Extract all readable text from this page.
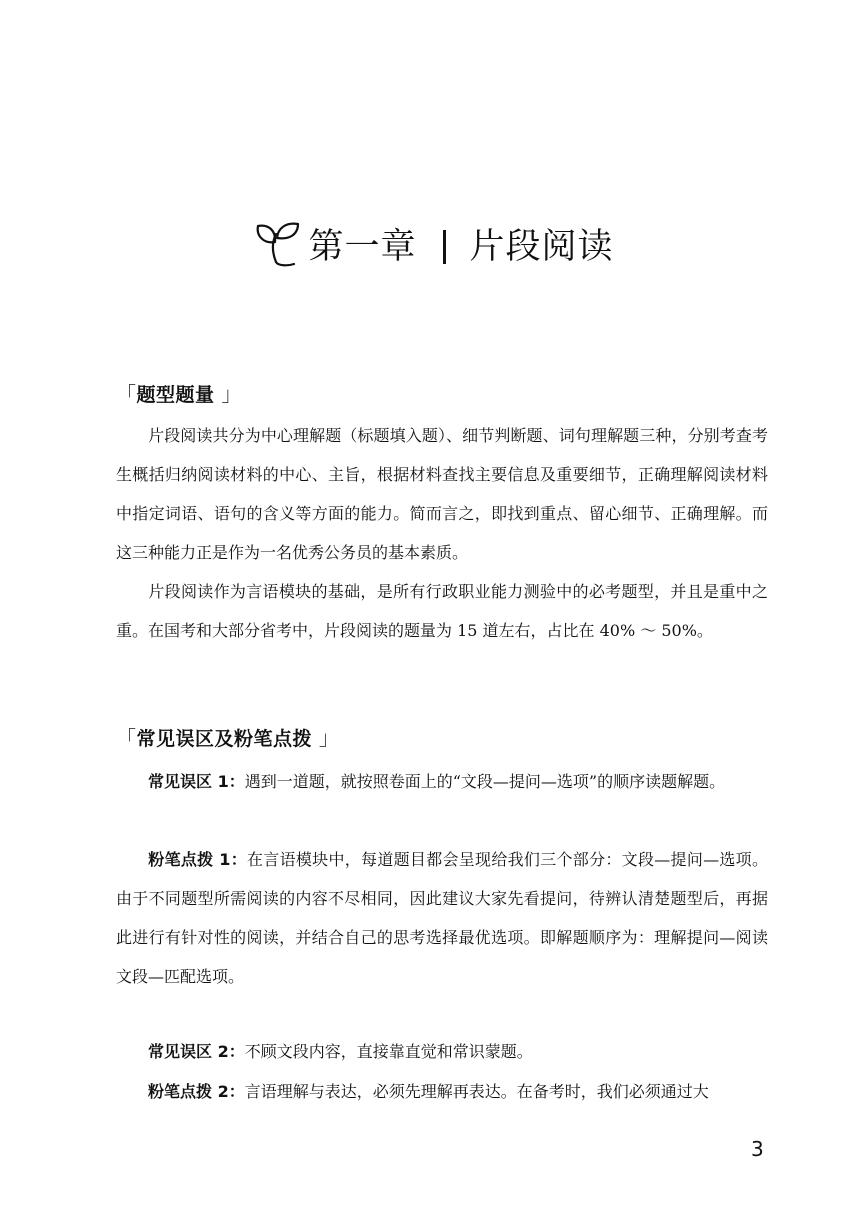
第一章 片段阅读
「题型题量 」
片段阅读共分为中心理解题（标题填入题）、细节判断题、词句理解题三种，分别考查考生概括归纳阅读材料的中心、主旨，根据材料查找主要信息及重要细节，正确理解阅读材料中指定词语、语句的含义等方面的能力。简而言之，即找到重点、留心细节、正确理解。而这三种能力正是作为一名优秀公务员的基本素质。
片段阅读作为言语模块的基础，是所有行政职业能力测验中的必考题型，并且是重中之重。在国考和大部分省考中，片段阅读的题量为 15 道左右，占比在 40% ～ 50%。
「常见误区及粉笔点拨 」
常见误区 1：遇到一道题，就按照卷面上的“文段—提问—选项”的顺序读题解题。
粉笔点拨 1：在言语模块中，每道题目都会呈现给我们三个部分：文段—提问—选项。由于不同题型所需阅读的内容不尽相同，因此建议大家先看提问，待辨认清楚题型后，再据此进行有针对性的阅读，并结合自己的思考选择最优选项。即解题顺序为：理解提问—阅读文段—匹配选项。
常见误区 2：不顾文段内容，直接靠直觉和常识蒙题。
粉笔点拨 2：言语理解与表达，必须先理解再表达。在备考时，我们必须通过大
3
